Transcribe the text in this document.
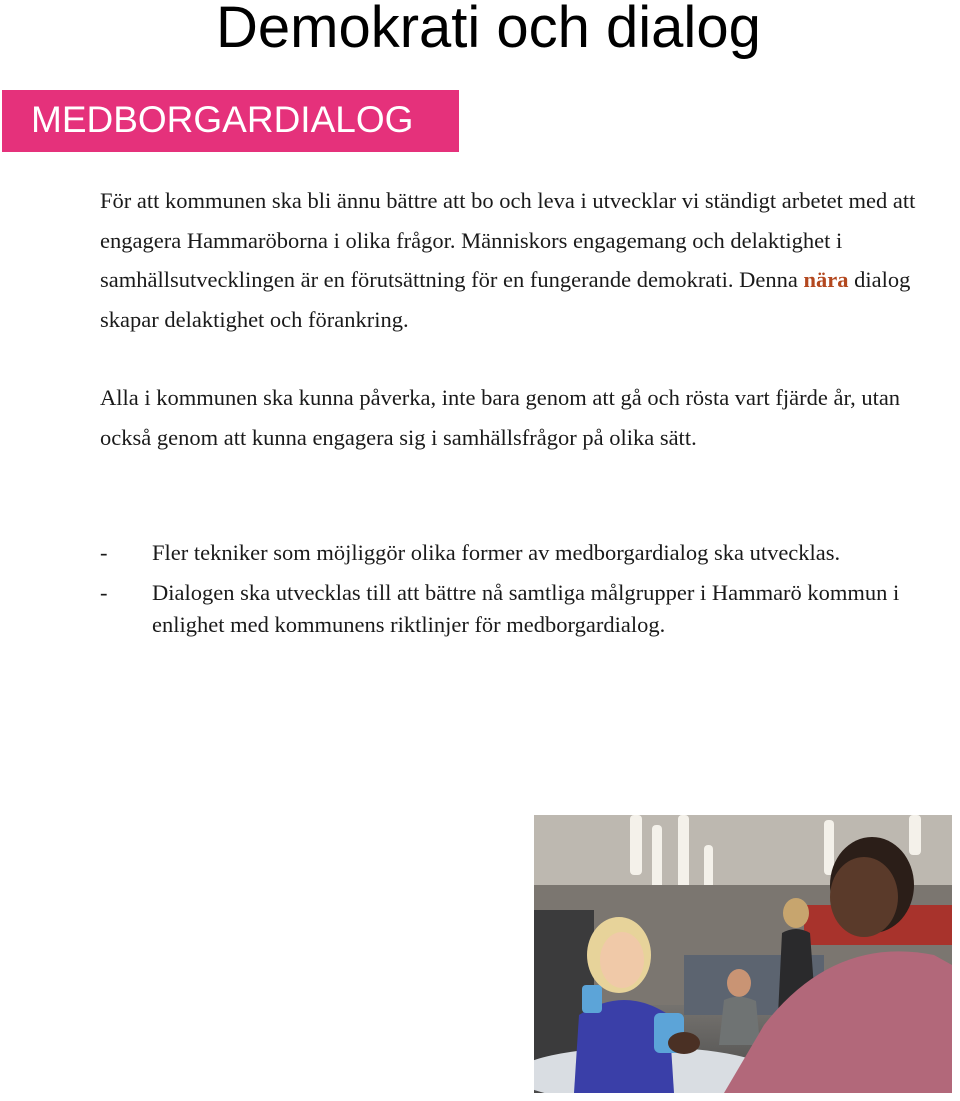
Demokrati och dialog
MEDBORGARDIALOG

För att kommunen ska bli ännu bättre att bo och leva i utvecklar vi ständigt arbetet med att engagera Hammaröborna i olika frågor. Människors engagemang och delaktighet i samhällsutvecklingen är en förutsättning för en fungerande demokrati. Denna nära dialog skapar delaktighet och förankring.

Alla i kommunen ska kunna påverka, inte bara genom att gå och rösta vart fjärde år, utan också genom att kunna engagera sig i samhällsfrågor på olika sätt.

- Fler tekniker som möjliggör olika former av medborgardialog ska utvecklas.
- Dialogen ska utvecklas till att bättre nå samtliga målgrupper i Hammarö kommun i enlighet med kommunens riktlinjer för medborgardialog.
